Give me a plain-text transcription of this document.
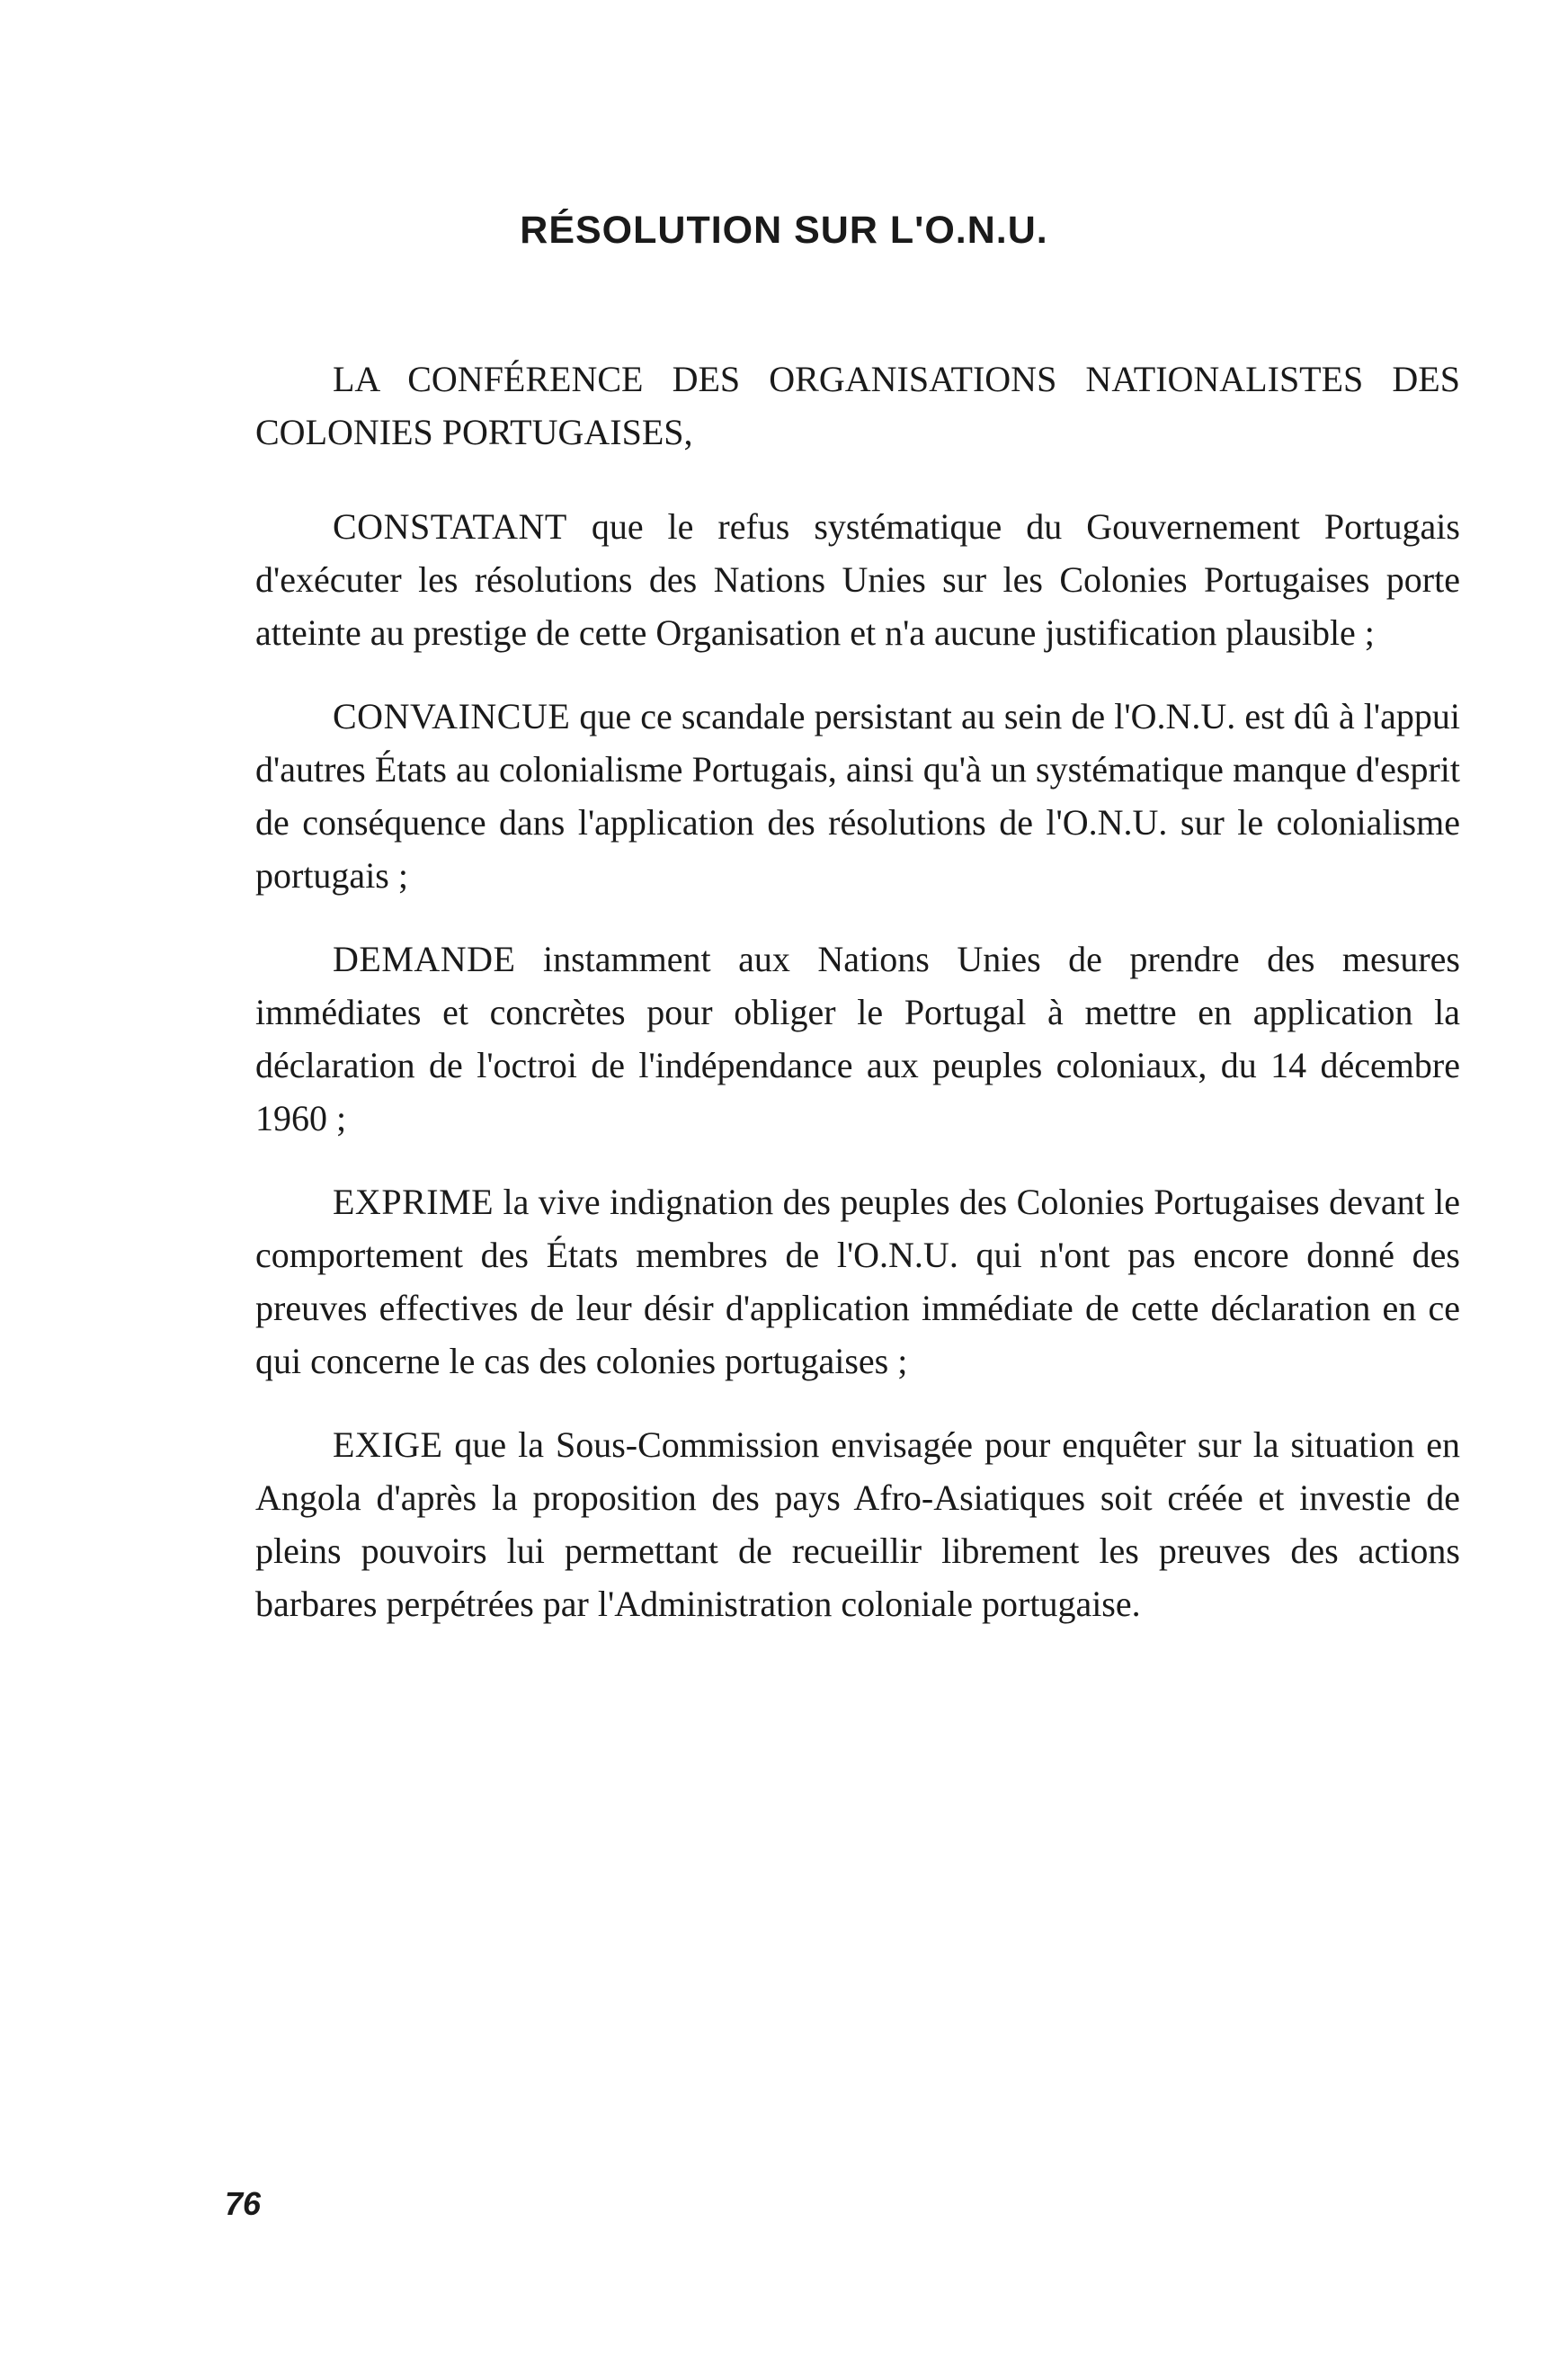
RÉSOLUTION SUR L'O.N.U.

LA CONFÉRENCE DES ORGANISATIONS NATIONALISTES DES COLONIES PORTUGAISES,

CONSTATANT que le refus systématique du Gouvernement Portugais d'exécuter les résolutions des Nations Unies sur les Colonies Portugaises porte atteinte au prestige de cette Organisation et n'a aucune justification plausible ;

CONVAINCUE que ce scandale persistant au sein de l'O.N.U. est dû à l'appui d'autres États au colonialisme Portugais, ainsi qu'à un systématique manque d'esprit de conséquence dans l'application des résolutions de l'O.N.U. sur le colonialisme portugais ;

DEMANDE instamment aux Nations Unies de prendre des mesures immédiates et concrètes pour obliger le Portugal à mettre en application la déclaration de l'octroi de l'indépendance aux peuples coloniaux, du 14 décembre 1960 ;

EXPRIME la vive indignation des peuples des Colonies Portugaises devant le comportement des États membres de l'O.N.U. qui n'ont pas encore donné des preuves effectives de leur désir d'application immédiate de cette déclaration en ce qui concerne le cas des colonies portugaises ;

EXIGE que la Sous-Commission envisagée pour enquêter sur la situation en Angola d'après la proposition des pays Afro-Asiatiques soit créée et investie de pleins pouvoirs lui permettant de recueillir librement les preuves des actions barbares perpétrées par l'Administration coloniale portugaise.

76
